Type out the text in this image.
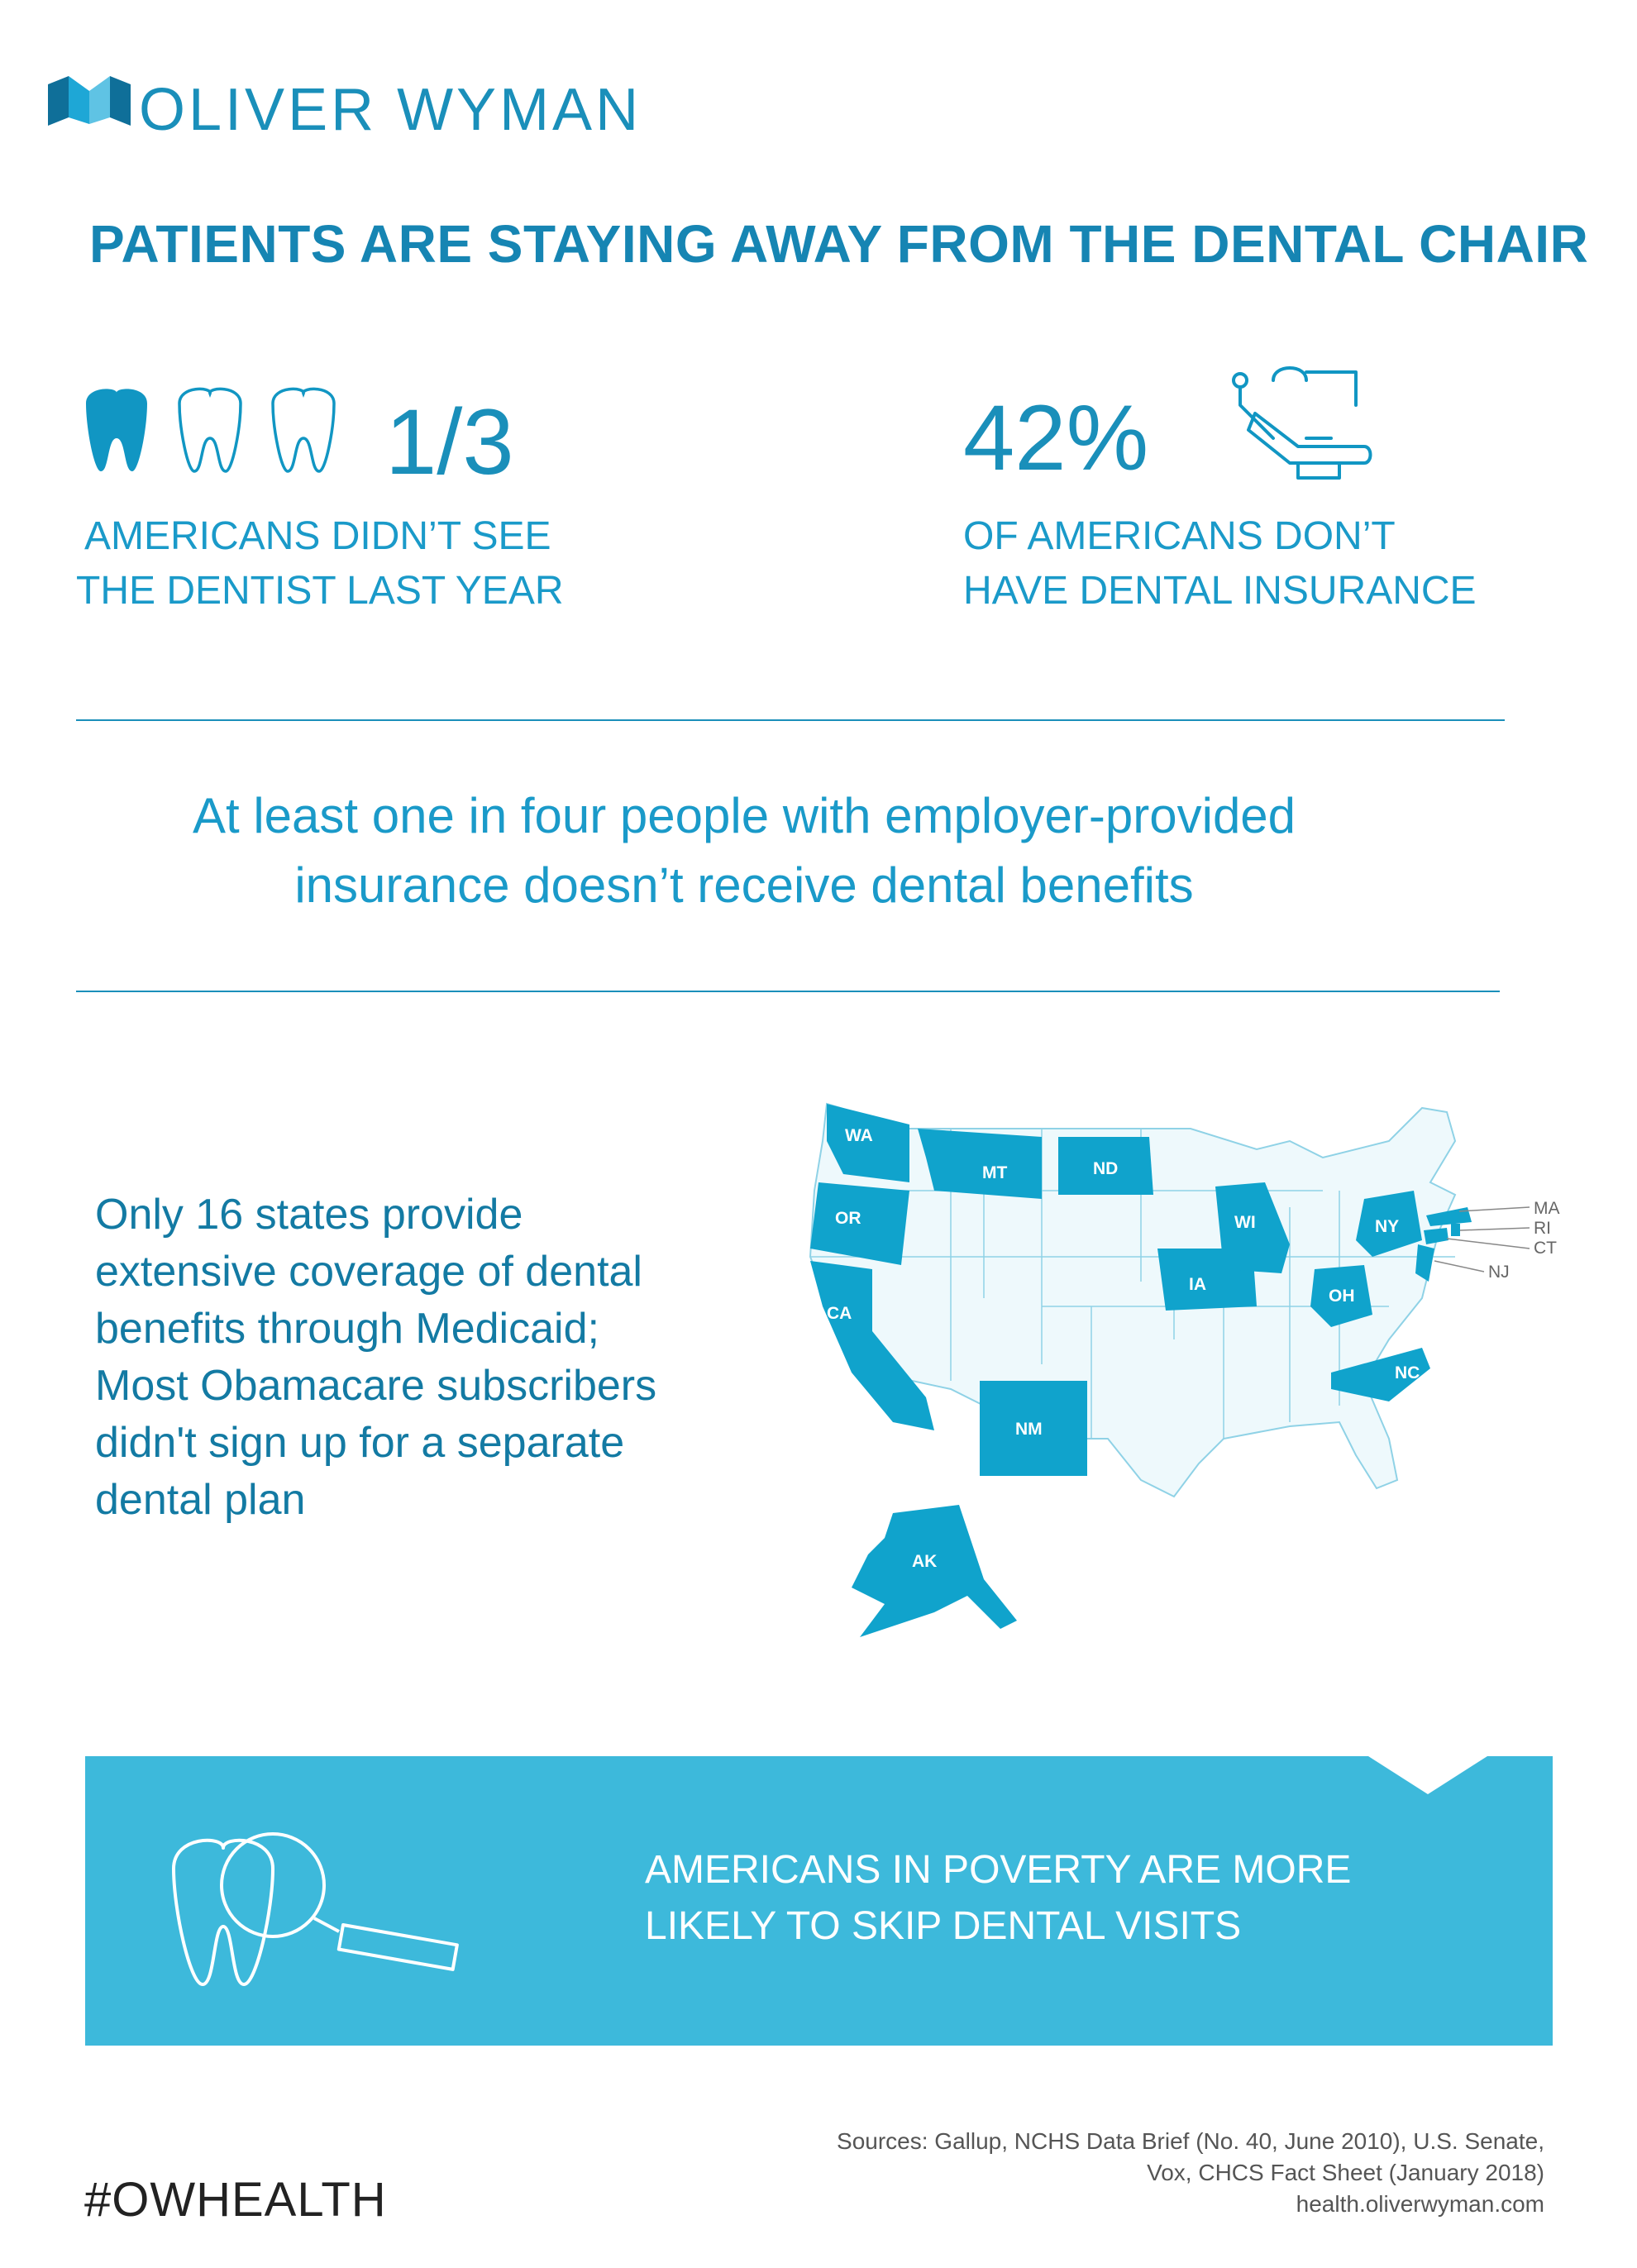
OLIVER WYMAN
PATIENTS ARE STAYING AWAY FROM THE DENTAL CHAIR
1/3
AMERICANS DIDN’T SEE
THE DENTIST LAST YEAR
42%
OF AMERICANS DON’T
HAVE DENTAL INSURANCE
At least one in four people with employer-provided
insurance doesn’t receive dental benefits
Only 16 states provide
extensive coverage of dental
benefits through Medicaid;
Most Obamacare subscribers
didn't sign up for a separate
dental plan
WA
OR
CA
MT	ND
NM
IA
WI
OH
NC
NY
AK
MA
RI
CT
NJ
AMERICANS IN POVERTY ARE MORE
LIKELY TO SKIP DENTAL VISITS
Sources: Gallup, NCHS Data Brief (No. 40, June 2010), U.S. Senate,
Vox, CHCS Fact Sheet (January 2018)
health.oliverwyman.com
#OWHEALTH
